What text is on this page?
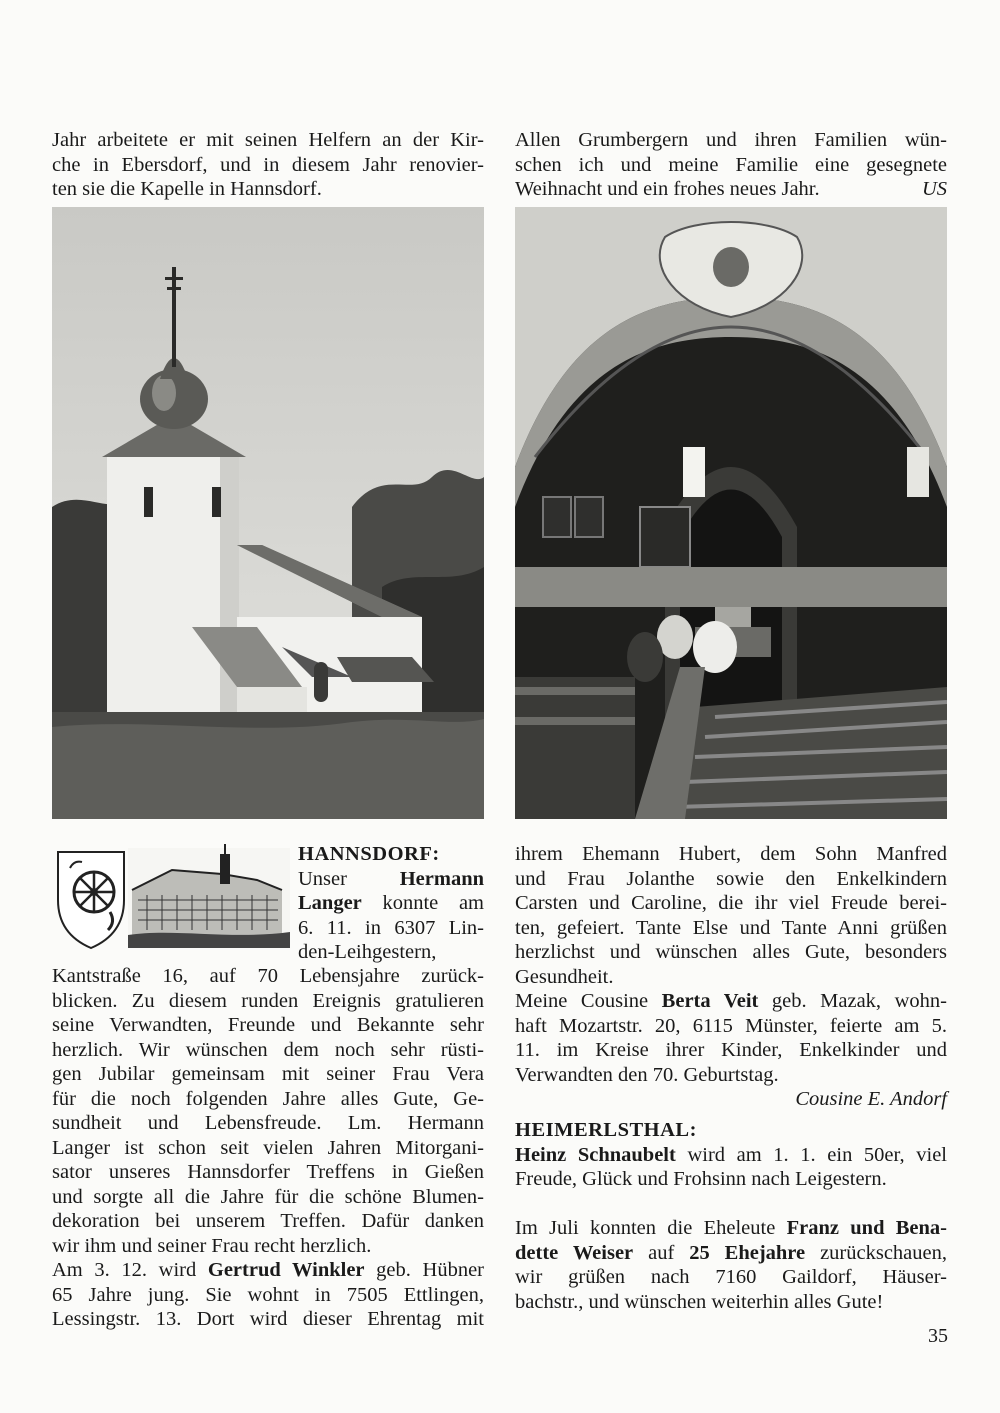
Jahr arbeitete er mit seinen Helfern an der Kir-
che in Ebersdorf, und in diesem Jahr renovier-
ten sie die Kapelle in Hannsdorf.
Allen Grumbergern und ihren Familien wün-
schen ich und meine Familie eine gesegnete
Weihnacht und ein frohes neues Jahr.	US
HANNSDORF:
Unser	Hermann
Langer konnte am
6. 11. in 6307 Lin-
den-Leihgestern,
Kantstraße 16, auf 70 Lebensjahre zurück-
blicken. Zu diesem runden Ereignis gratulieren
seine Verwandten, Freunde und Bekannte sehr
herzlich. Wir wünschen dem noch sehr rüsti-
gen Jubilar gemeinsam mit seiner Frau Vera
für die noch folgenden Jahre alles Gute, Ge-
sundheit und Lebensfreude. Lm. Hermann
Langer ist schon seit vielen Jahren Mitorgani-
sator unseres Hannsdorfer Treffens in Gießen
und sorgte all die Jahre für die schöne Blumen-
dekoration bei unserem Treffen. Dafür danken
wir ihm und seiner Frau recht herzlich.
Am 3. 12. wird Gertrud Winkler geb. Hübner
65 Jahre jung. Sie wohnt in 7505 Ettlingen,
Lessingstr. 13. Dort wird dieser Ehrentag mit
ihrem Ehemann Hubert, dem Sohn Manfred
und Frau Jolanthe sowie den Enkelkindern
Carsten und Caroline, die ihr viel Freude berei-
ten, gefeiert. Tante Else und Tante Anni grüßen
herzlichst und wünschen alles Gute, besonders
Gesundheit.
Meine Cousine Berta Veit geb. Mazak, wohn-
haft Mozartstr. 20, 6115 Münster, feierte am 5.
11. im Kreise ihrer Kinder, Enkelkinder und
Verwandten den 70. Geburtstag.
Cousine E. Andorf
HEIMERLSTHAL:
Heinz Schnaubelt wird am 1. 1. ein 50er, viel
Freude, Glück und Frohsinn nach Leigestern.
Im Juli konnten die Eheleute Franz und Bena-
dette Weiser auf 25 Ehejahre zurückschauen,
wir grüßen nach 7160 Gaildorf, Häuser-
bachstr., und wünschen weiterhin alles Gute!
35
